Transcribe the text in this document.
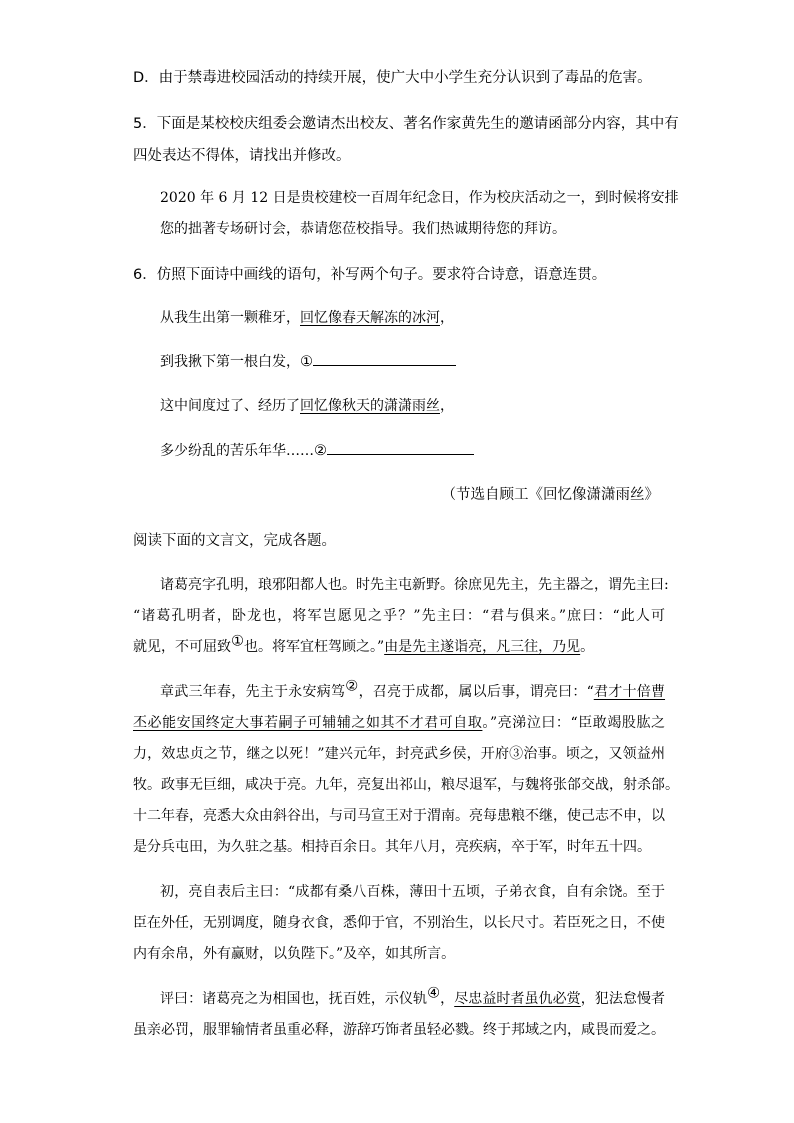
D．由于禁毒进校园活动的持续开展，使广大中小学生充分认识到了毒品的危害。
5．下面是某校校庆组委会邀请杰出校友、著名作家黄先生的邀请函部分内容，其中有
四处表达不得体，请找出并修改。
2020 年 6 月 12 日是贵校建校一百周年纪念日，作为校庆活动之一，到时候将安排
您的拙著专场研讨会，恭请您莅校指导。我们热诚期待您的拜访。
6．仿照下面诗中画线的语句，补写两个句子。要求符合诗意，语意连贯。
从我生出第一颗稚牙，回忆像春天解冻的冰河，
到我揪下第一根白发，①
这中间度过了、经历了回忆像秋天的潇潇雨丝，
多少纷乱的苦乐年华……②
（节选自顾工《回忆像潇潇雨丝》
阅读下面的文言文，完成各题。
诸葛亮字孔明，琅邪阳都人也。时先主屯新野。徐庶见先主，先主器之，谓先主曰:
“诸葛孔明者，卧龙也，将军岂愿见之乎？”先主曰：“君与俱来。”庶曰：“此人可
就见，不可屈致①也。将军宜枉驾顾之。”由是先主遂诣亮，凡三往，乃见。
章武三年春，先主于永安病笃②，召亮于成都，属以后事，谓亮曰：“君才十倍曹
丕必能安国终定大事若嗣子可辅辅之如其不才君可自取。”亮涕泣曰：“臣敢竭股肱之
力，效忠贞之节，继之以死！”建兴元年，封亮武乡侯，开府③治事。顷之，又领益州
牧。政事无巨细，咸决于亮。九年，亮复出祁山，粮尽退军，与魏将张郃交战，射杀郃。
十二年春，亮悉大众由斜谷出，与司马宣王对于渭南。亮每患粮不继，使己志不申，以
是分兵屯田，为久驻之基。相持百余日。其年八月，亮疾病，卒于军，时年五十四。
初，亮自表后主曰：“成都有桑八百株，薄田十五顷，子弟衣食，自有余饶。至于
臣在外任，无别调度，随身衣食，悉仰于官，不别治生，以长尺寸。若臣死之日，不使
内有余帛，外有赢财，以负陛下。”及卒，如其所言。
评曰：诸葛亮之为相国也，抚百姓，示仪轨④，尽忠益时者虽仇必赏，犯法怠慢者
虽亲必罚，服罪输情者虽重必释，游辞巧饰者虽轻必戮。终于邦域之内，咸畏而爱之。
